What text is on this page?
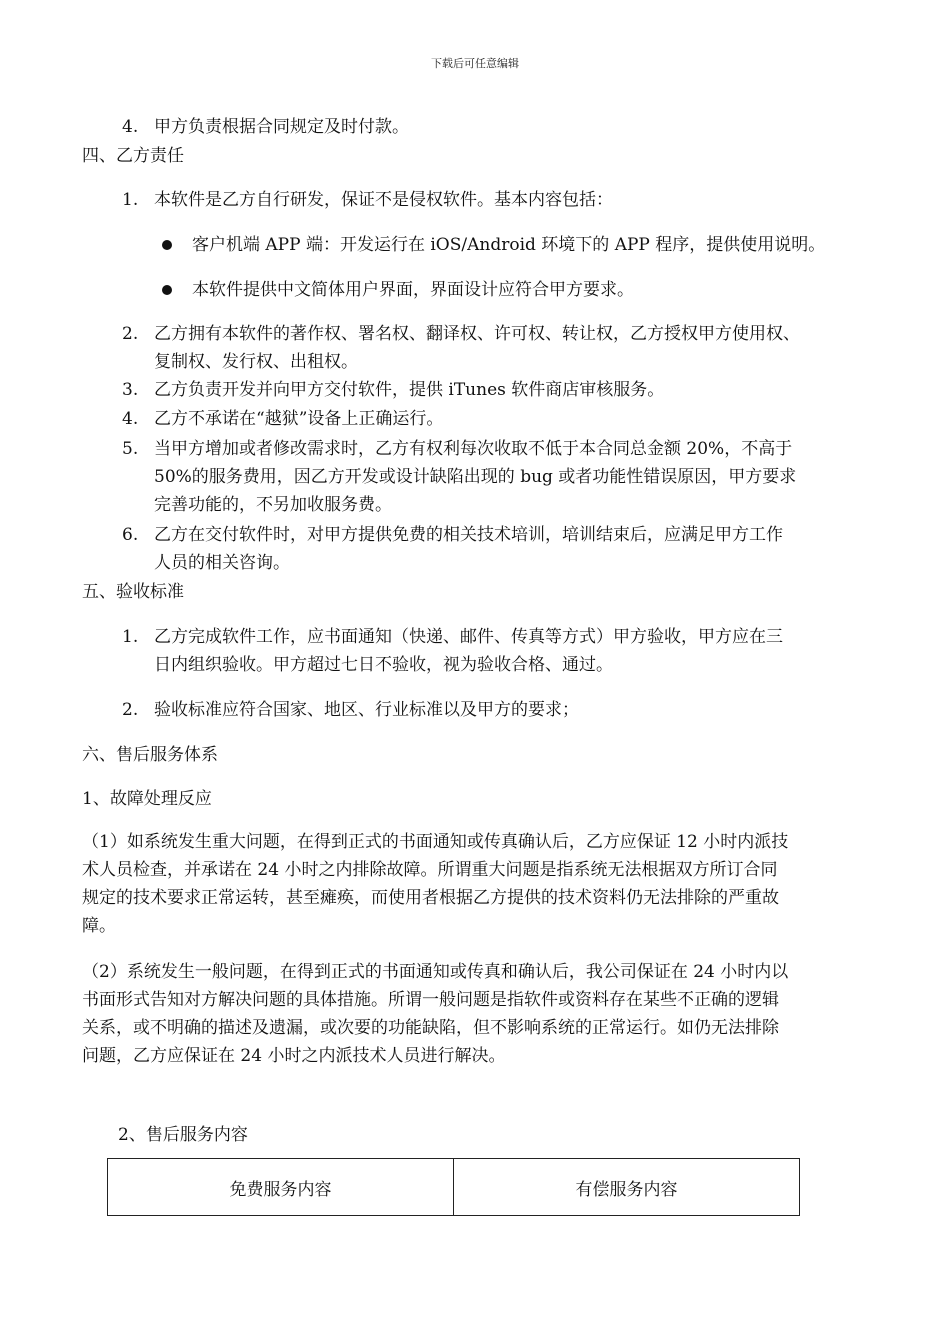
下载后可任意编辑
4. 甲方负责根据合同规定及时付款。
四、乙方责任
1. 本软件是乙方自行研发，保证不是侵权软件。基本内容包括：
客户机端 APP 端：开发运行在 iOS/Android 环境下的 APP 程序，提供使用说明。
本软件提供中文简体用户界面，界面设计应符合甲方要求。
2. 乙方拥有本软件的著作权、署名权、翻译权、许可权、转让权，乙方授权甲方使用权、
复制权、发行权、出租权。
3. 乙方负责开发并向甲方交付软件，提供 iTunes 软件商店审核服务。
4. 乙方不承诺在“越狱”设备上正确运行。
5. 当甲方增加或者修改需求时，乙方有权利每次收取不低于本合同总金额 20%，不高于
50%的服务费用，因乙方开发或设计缺陷出现的 bug 或者功能性错误原因，甲方要求
完善功能的，不另加收服务费。
6. 乙方在交付软件时，对甲方提供免费的相关技术培训，培训结束后，应满足甲方工作
人员的相关咨询。
五、验收标准
1. 乙方完成软件工作，应书面通知（快递、邮件、传真等方式）甲方验收，甲方应在三
日内组织验收。甲方超过七日不验收，视为验收合格、通过。
2. 验收标准应符合国家、地区、行业标准以及甲方的要求；
六、售后服务体系
1、故障处理反应
（1）如系统发生重大问题，在得到正式的书面通知或传真确认后，乙方应保证 12 小时内派技
术人员检查，并承诺在 24 小时之内排除故障。所谓重大问题是指系统无法根据双方所订合同
规定的技术要求正常运转，甚至瘫痪，而使用者根据乙方提供的技术资料仍无法排除的严重故
障。
（2）系统发生一般问题，在得到正式的书面通知或传真和确认后，我公司保证在 24 小时内以
书面形式告知对方解决问题的具体措施。所谓一般问题是指软件或资料存在某些不正确的逻辑
关系，或不明确的描述及遗漏，或次要的功能缺陷，但不影响系统的正常运行。如仍无法排除
问题，乙方应保证在 24 小时之内派技术人员进行解决。
2、售后服务内容
免费服务内容	有偿服务内容
